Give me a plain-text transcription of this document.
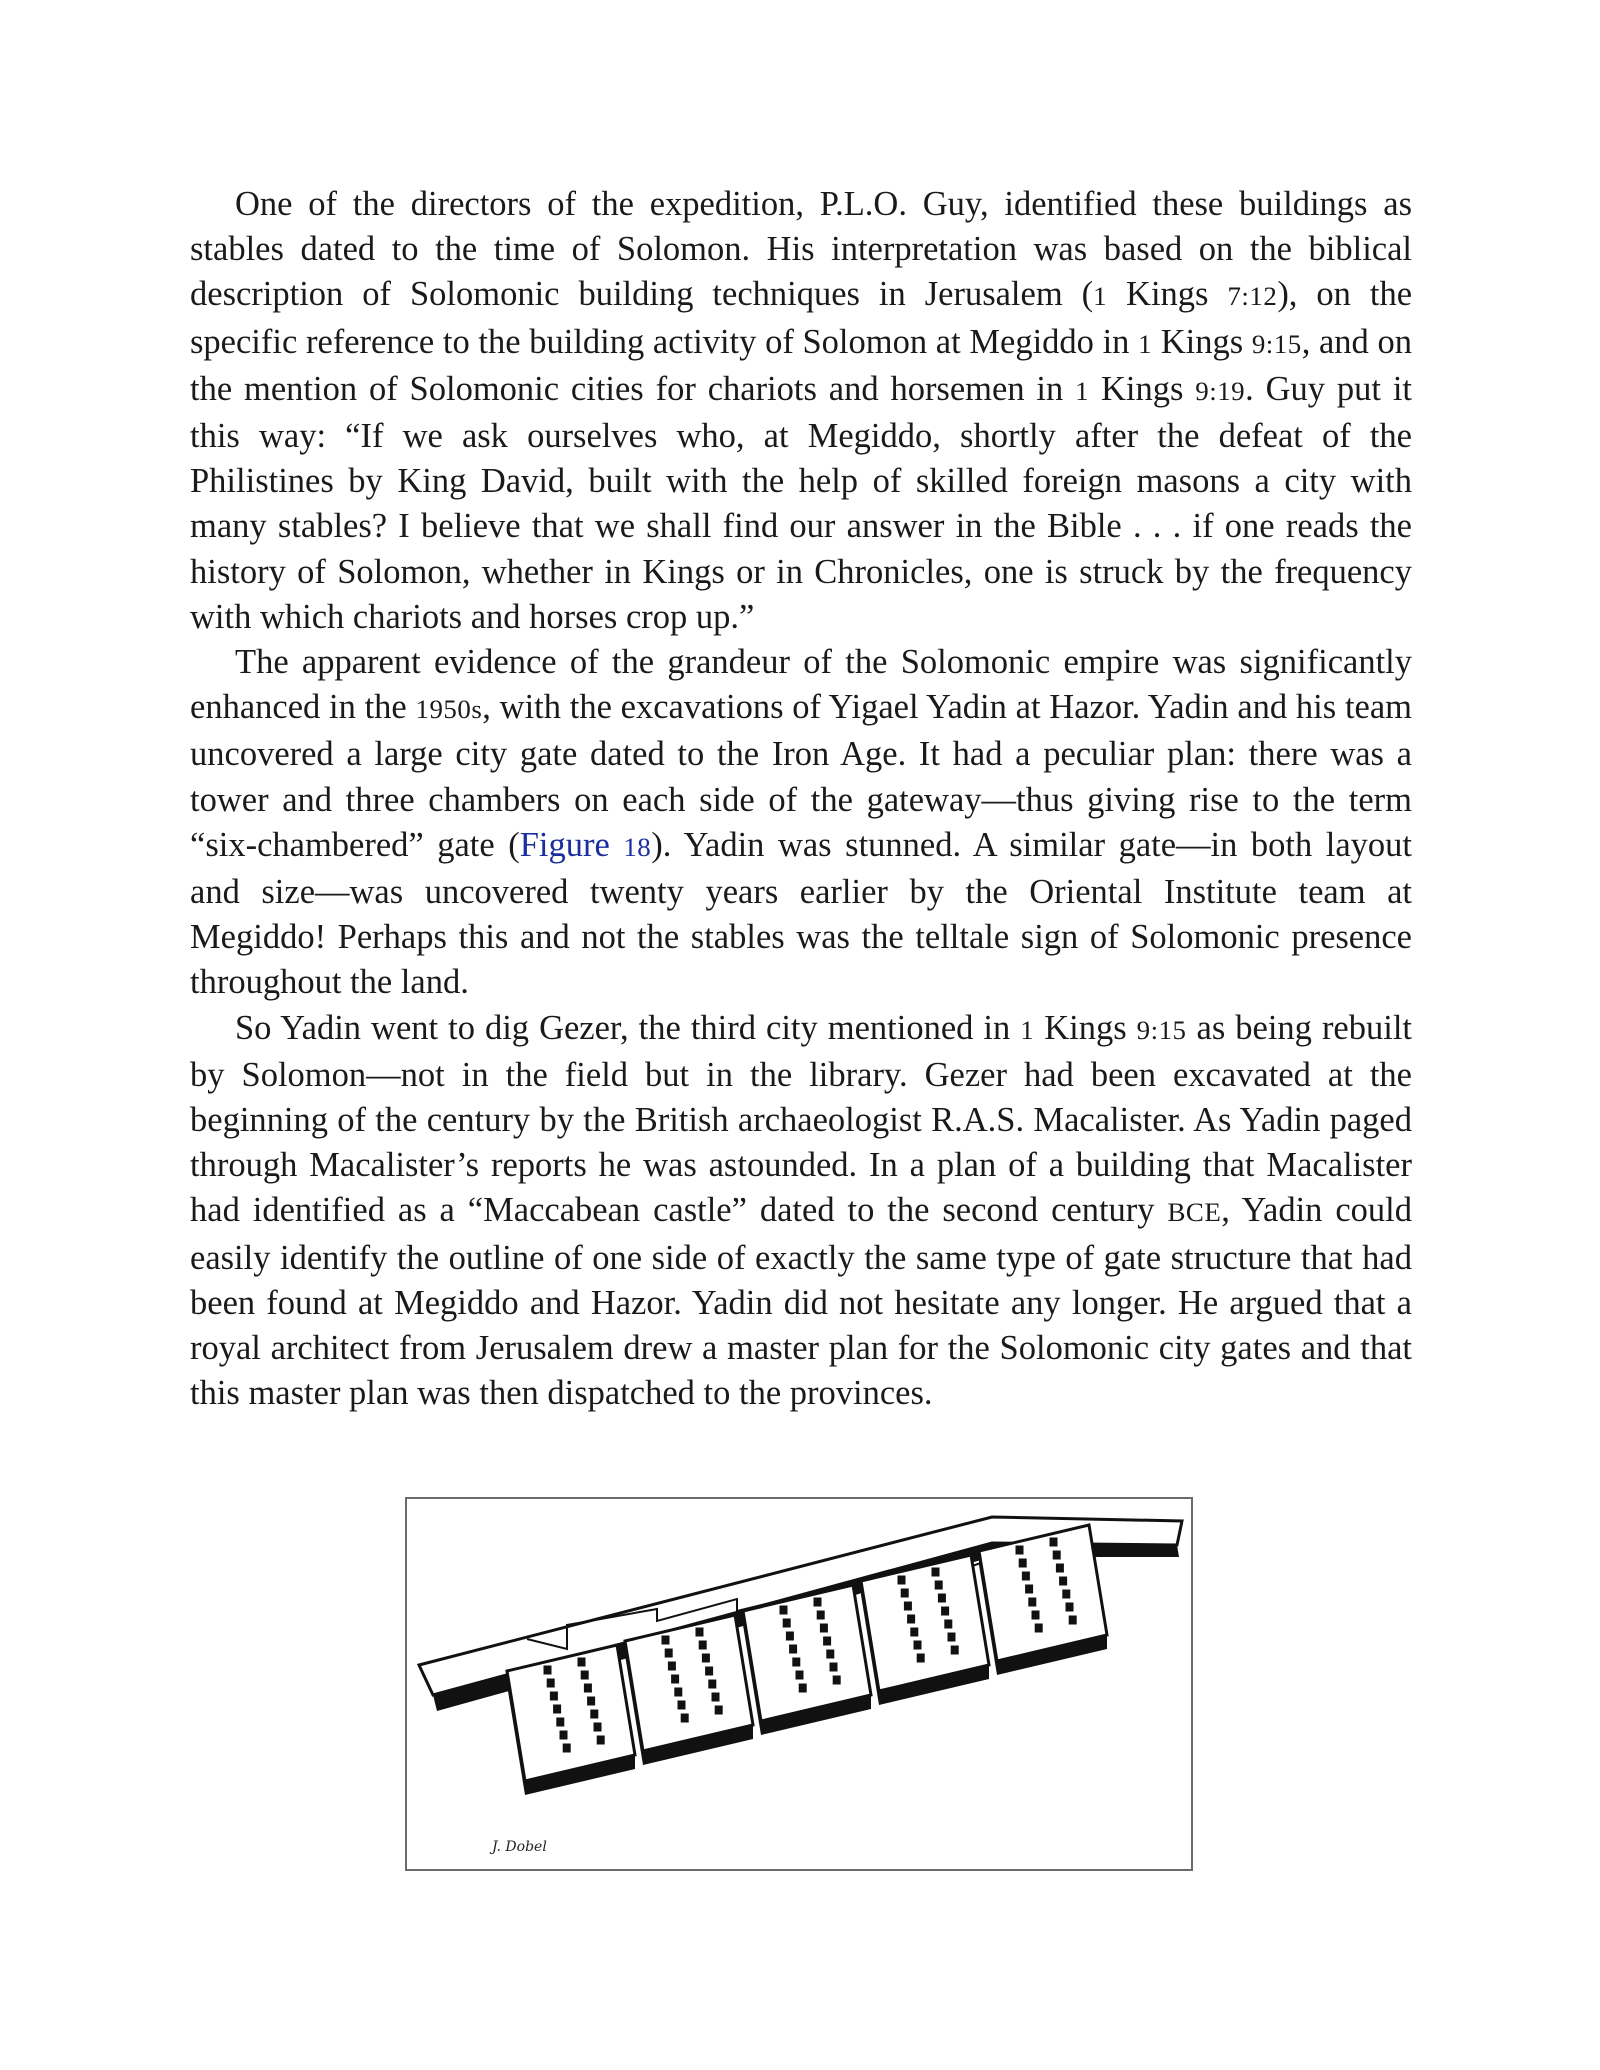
One of the directors of the expedition, P.L.O. Guy, identified these buildings as stables dated to the time of Solomon. His interpretation was based on the biblical description of Solomonic building techniques in Jerusalem (1 Kings 7:12), on the specific reference to the building activity of Solomon at Megiddo in 1 Kings 9:15, and on the mention of Solomonic cities for chariots and horsemen in 1 Kings 9:19. Guy put it this way: “If we ask ourselves who, at Megiddo, shortly after the defeat of the Philistines by King David, built with the help of skilled foreign masons a city with many stables? I believe that we shall find our answer in the Bible . . . if one reads the history of Solomon, whether in Kings or in Chronicles, one is struck by the frequency with which chariots and horses crop up.”

The apparent evidence of the grandeur of the Solomonic empire was significantly enhanced in the 1950s, with the excavations of Yigael Yadin at Hazor. Yadin and his team uncovered a large city gate dated to the Iron Age. It had a peculiar plan: there was a tower and three chambers on each side of the gateway—thus giving rise to the term “six-chambered” gate (Figure 18). Yadin was stunned. A similar gate—in both layout and size—was uncovered twenty years earlier by the Oriental Institute team at Megiddo! Perhaps this and not the stables was the telltale sign of Solomonic presence throughout the land.

So Yadin went to dig Gezer, the third city mentioned in 1 Kings 9:15 as being rebuilt by Solomon—not in the field but in the library. Gezer had been excavated at the beginning of the century by the British archaeologist R.A.S. Macalister. As Yadin paged through Macalister’s reports he was astounded. In a plan of a building that Macalister had identified as a “Maccabean castle” dated to the second century BCE, Yadin could easily identify the outline of one side of exactly the same type of gate structure that had been found at Megiddo and Hazor. Yadin did not hesitate any longer. He argued that a royal architect from Jerusalem drew a master plan for the Solomonic city gates and that this master plan was then dispatched to the provinces.

J. Dobel
